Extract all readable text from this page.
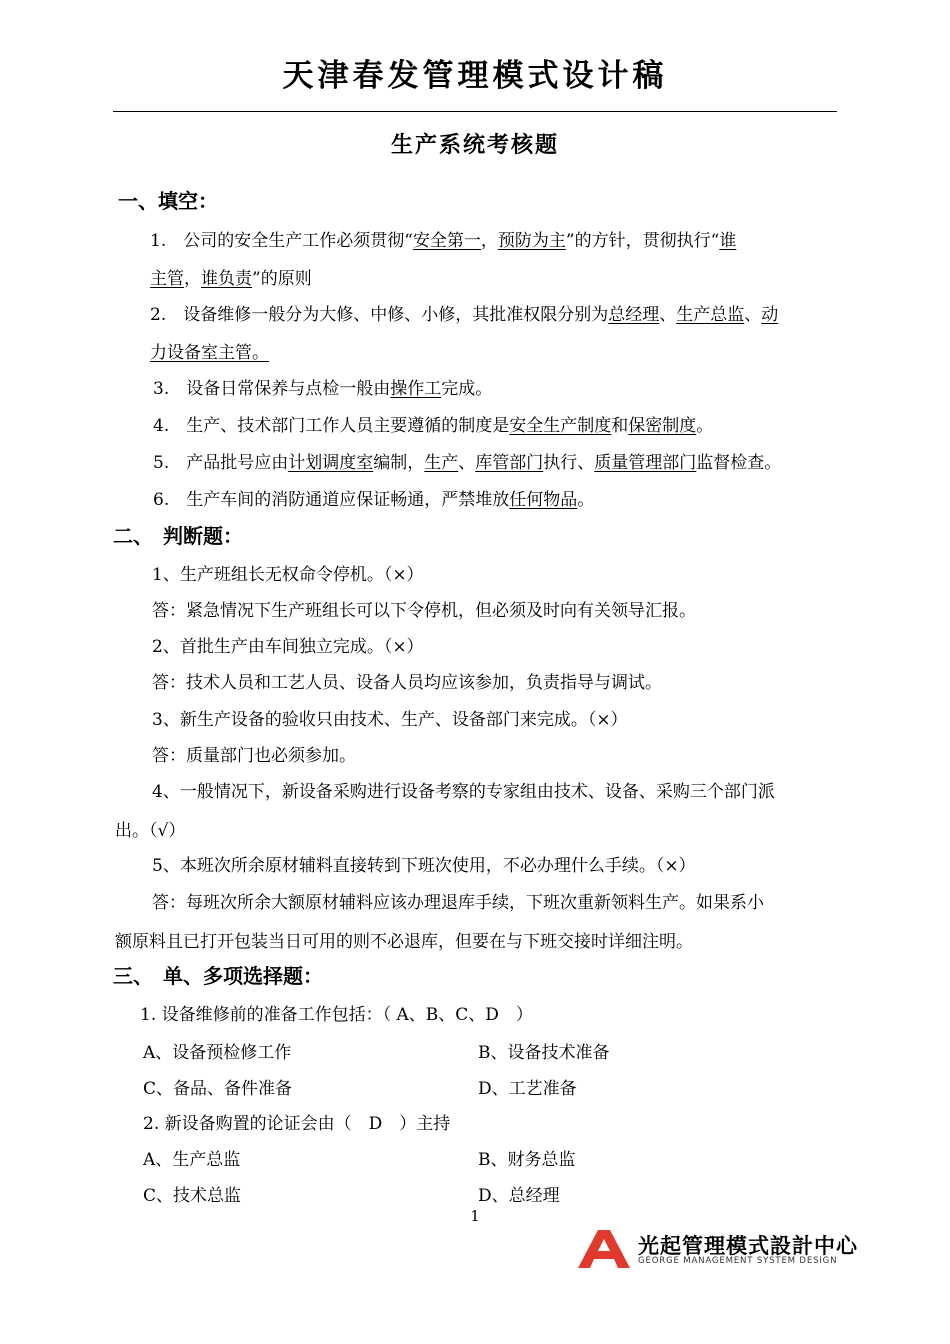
天津春发管理模式设计稿
生产系统考核题
一、填空：
1.　公司的安全生产工作必须贯彻“安全第一，预防为主”的方针，贯彻执行“谁
主管，谁负责”的原则
2.　设备维修一般分为大修、中修、小修，其批准权限分别为总经理、生产总监、动
力设备室主管。
3.　设备日常保养与点检一般由操作工完成。
4.　生产、技术部门工作人员主要遵循的制度是安全生产制度和保密制度。
5.　产品批号应由计划调度室编制，生产、库管部门执行、质量管理部门监督检查。
6.　生产车间的消防通道应保证畅通，严禁堆放任何物品。
二、　判断题：
1、生产班组长无权命令停机。（×）
答：紧急情况下生产班组长可以下令停机，但必须及时向有关领导汇报。
2、首批生产由车间独立完成。（×）
答：技术人员和工艺人员、设备人员均应该参加，负责指导与调试。
3、新生产设备的验收只由技术、生产、设备部门来完成。（×）
答：质量部门也必须参加。
4、一般情况下，新设备采购进行设备考察的专家组由技术、设备、采购三个部门派
出。（√）
5、本班次所余原材辅料直接转到下班次使用，不必办理什么手续。（×）
答：每班次所余大额原材辅料应该办理退库手续，下班次重新领料生产。如果系小
额原料且已打开包装当日可用的则不必退库，但要在与下班交接时详细注明。
三、　单、多项选择题：
1. 设备维修前的准备工作包括：（ A、B、C、D　）
A、设备预检修工作	B、设备技术准备
C、备品、备件准备	D、工艺准备
2. 新设备购置的论证会由（　D　）主持
A、生产总监	B、财务总监
C、技术总监	D、总经理
1
光起管理模式設計中心
GEORGE MANAGEMENT SYSTEM DESIGN
